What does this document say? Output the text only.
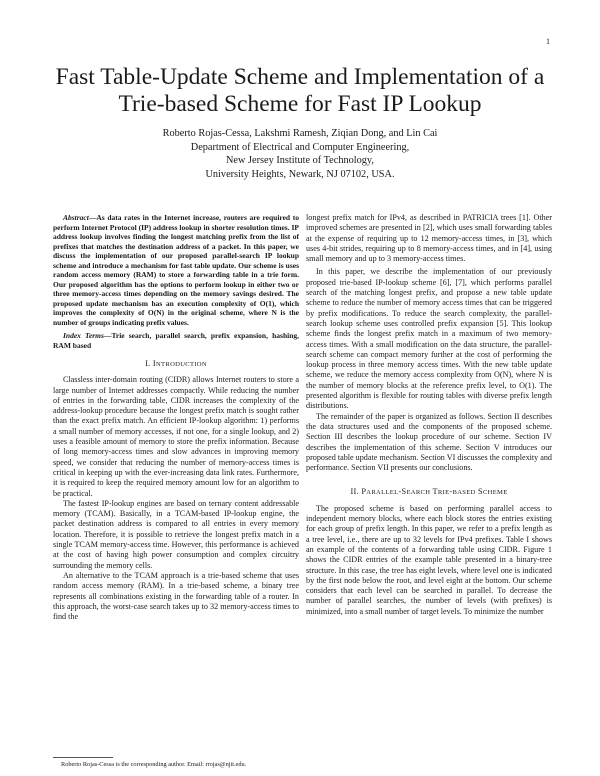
1
Fast Table-Update Scheme and Implementation of a
Trie-based Scheme for Fast IP Lookup
Roberto Rojas-Cessa, Lakshmi Ramesh, Ziqian Dong, and Lin Cai
Department of Electrical and Computer Engineering,
New Jersey Institute of Technology,
University Heights, Newark, NJ 07102, USA.

Abstract—As data rates in the Internet increase, routers are required to perform Internet Protocol (IP) address lookup in shorter resolution times. IP address lookup involves finding the longest matching prefix from the list of prefixes that matches the destination address of a packet. In this paper, we discuss the implementation of our proposed parallel-search IP lookup scheme and introduce a mechanism for fast table update. Our scheme is uses random access memory (RAM) to store a forwarding table in a trie form. Our proposed algorithm has the options to perform lookup in either two or three memory-access times depending on the memory savings desired. The proposed update mechanism has an execution complexity of O(1), which improves the complexity of O(N) in the original scheme, where N is the number of groups indicating prefix values.

Index Terms—Trie search, parallel search, prefix expansion, hashing, RAM based

I. INTRODUCTION

Classless inter-domain routing (CIDR) allows Internet routers to store a large number of Internet addresses compactly. While reducing the number of entries in the forwarding table, CIDR increases the complexity of the address-lookup procedure because the longest prefix match is sought rather than the exact prefix match. An efficient IP-lookup algorithm: 1) performs a small number of memory accesses, if not one, for a single lookup, and 2) uses a feasible amount of memory to store the prefix information. Because of long memory-access times and slow advances in improving memory speed, we consider that reducing the number of memory-access times is critical in keeping up with the ever-increasing data link rates. Furthermore, it is required to keep the required memory amount low for an algorithm to be practical.

The fastest IP-lookup engines are based on ternary content addressable memory (TCAM). Basically, in a TCAM-based IP-lookup engine, the packet destination address is compared to all entries in every memory location. Therefore, it is possible to retrieve the longest prefix match in a single TCAM memory-access time. However, this performance is achieved at the cost of having high power consumption and complex circuitry surrounding the memory cells.

An alternative to the TCAM approach is a trie-based scheme that uses random access memory (RAM). In a trie-based scheme, a binary tree represents all combinations existing in the forwarding table of a router. In this approach, the worst-case search takes up to 32 memory-access times to find the

Roberto Rojas-Cessa is the corresponding author. Email: rrojas@njit.edu.

longest prefix match for IPv4, as described in PATRICIA trees [1]. Other improved schemes are presented in [2], which uses small forwarding tables at the expense of requiring up to 12 memory-access times, in [3], which uses 4-bit strides, requiring up to 8 memory-access times, and in [4], using small memory and up to 3 memory-access times.

In this paper, we describe the implementation of our previously proposed trie-based IP-lookup scheme [6], [7], which performs parallel search of the matching longest prefix, and propose a new table update scheme to reduce the number of memory access times that can be triggered by prefix modifications. To reduce the search complexity, the parallel-search lookup scheme uses controlled prefix expansion [5]. This lookup scheme finds the longest prefix match in a maximum of two memory-access times. With a small modification on the data structure, the parallel-search scheme can compact memory further at the cost of performing the lookup process in three memory access times. With the new table update scheme, we reduce the memory access complexity from O(N), where N is the number of memory blocks at the reference prefix level, to O(1). The presented algorithm is flexible for routing tables with diverse prefix length distributions.

The remainder of the paper is organized as follows. Section II describes the data structures used and the components of the proposed scheme. Section III describes the lookup procedure of our scheme. Section IV describes the implementation of this scheme. Section V introduces our proposed table update mechanism. Section VI discusses the complexity and performance. Section VII presents our conclusions.

II. PARALLEL-SEARCH TRIE-BASED SCHEME

The proposed scheme is based on performing parallel access to independent memory blocks, where each block stores the entries existing for each group of prefix length. In this paper, we refer to a prefix length as a tree level, i.e., there are up to 32 levels for IPv4 prefixes. Table I shows an example of the contents of a forwarding table using CIDR. Figure 1 shows the CIDR entries of the example table presented in a binary-tree structure. In this case, the tree has eight levels, where level one is indicated by the first node below the root, and level eight at the bottom. Our scheme considers that each level can be searched in parallel. To decrease the number of parallel searches, the number of levels (with prefixes) is minimized, into a small number of target levels. To minimize the number
